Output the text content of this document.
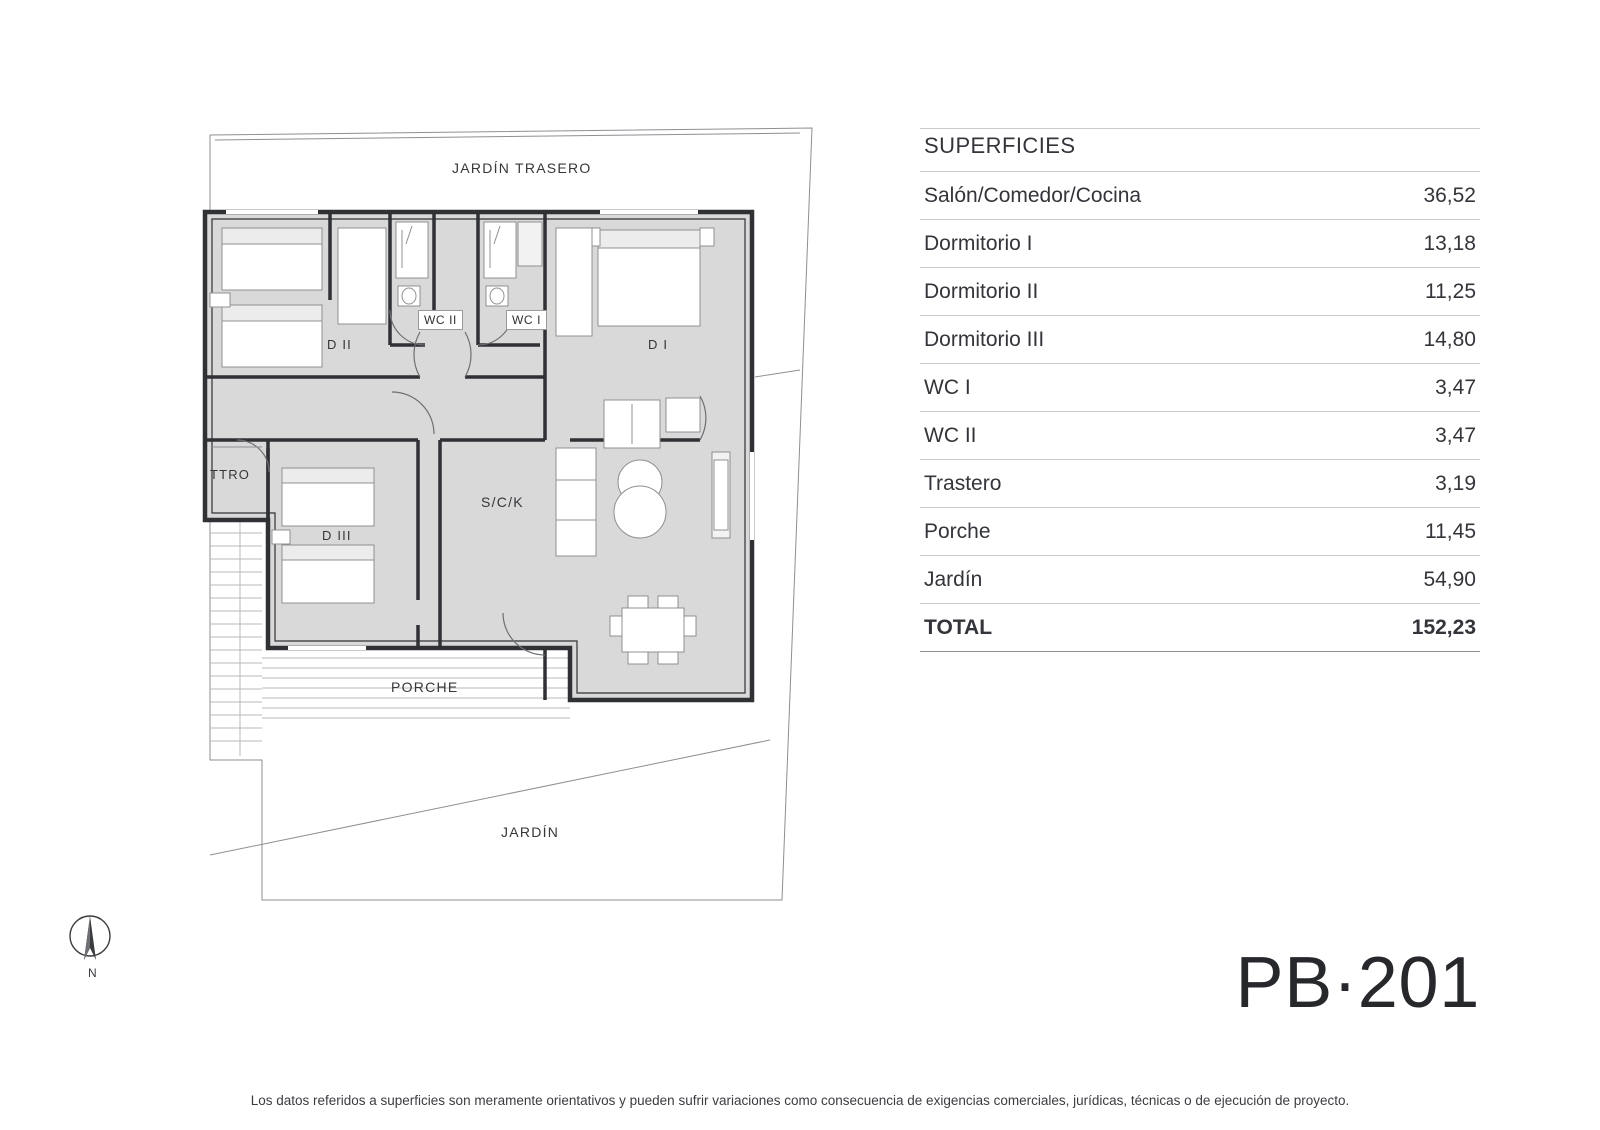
JARDÍN TRASERO
D II	D I
D III
S/C/K
TTRO
PORCHE
JARDÍN
WC II	WC I
N
SUPERFICIES	
Salón/Comedor/Cocina	36,52
Dormitorio I	13,18
Dormitorio II	11,25
Dormitorio III	14,80
WC I	3,47
WC II	3,47
Trastero	3,19
Porche	11,45
Jardín	54,90
TOTAL	152,23
PB·201
Los datos referidos a superficies son meramente orientativos y pueden sufrir variaciones como consecuencia de exigencias comerciales, jurídicas, técnicas o de ejecución de proyecto.
